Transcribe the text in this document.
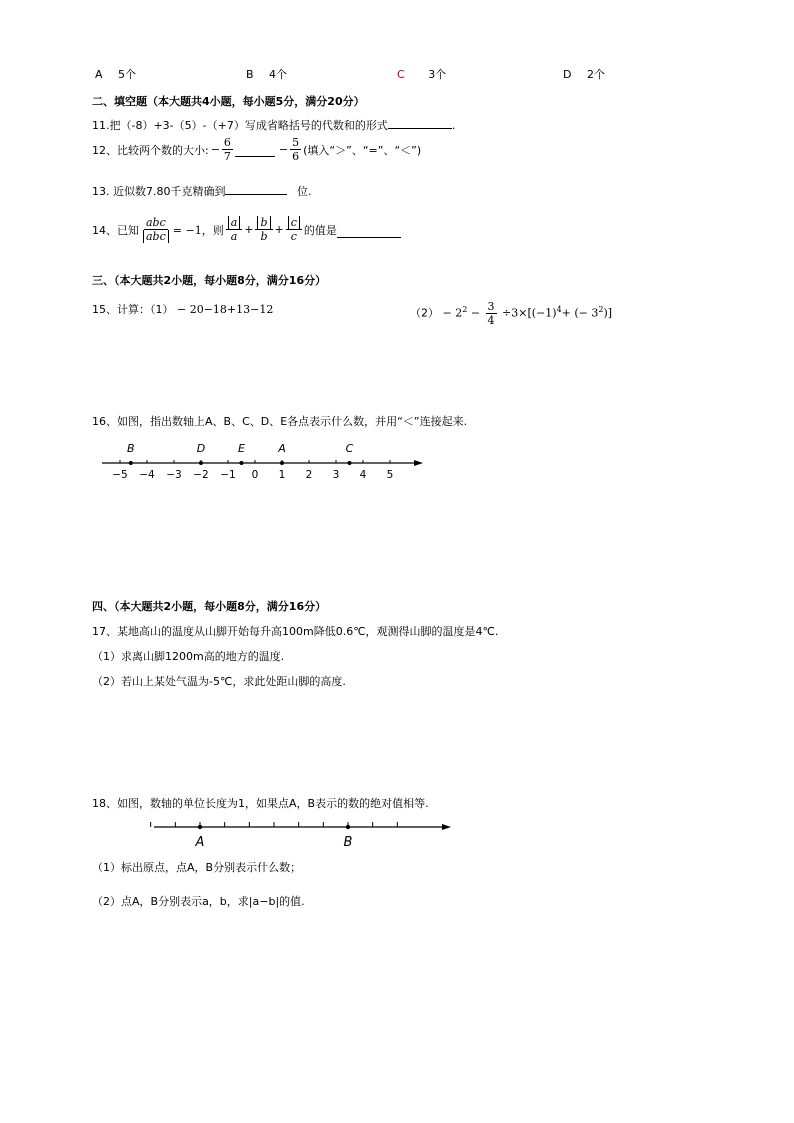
A 5个	B 4个	C 3个	D 2个
二、填空题（本大题共4小题，每小题5分，满分20分）
11.把（-8）+3-（5）-（+7）写成省略括号的代数和的形式	.
12、比较两个数的大小: − $\frac{6}{7}$	− $\frac{5}{6}$ (填入“＞”、“=”、“＜”)
13. 近似数7.80千克精确到	位.
14、已知 $\frac{\text{abc}}{\text{abc}} = -1$，则 $\frac{a}{a} + \frac{b}{b} + \frac{c}{c}$ 的值是
三、（本大题共2小题，每小题8分，满分16分）
15、计算：（1） − 20−18+13−12	$(2) - 2^2 - \frac{3}{4} \div 3\times[(-1)^4+$ (− $3^2$)]
16、如图，指出数轴上A、B、C、D、E各点表示什么数，并用“＜”连接起来.
−5 −4 −3 −2 −1 0 1 2 3 4 5
B	D	E	A	C
四、（本大题共2小题，每小题8分，满分16分）
17、某地高山的温度从山脚开始每升高100m降低0.6℃，观测得山脚的温度是4℃.
（1）求离山脚1200m高的地方的温度.
（2）若山上某处气温为-5℃，求此处距山脚的高度.
18、如图，数轴的单位长度为1，如果点A，B表示的数的绝对值相等.
A	B
（1）标出原点，点A，B分别表示什么数；
（2）点A，B分别表示a，b，求|a−b|的值.
